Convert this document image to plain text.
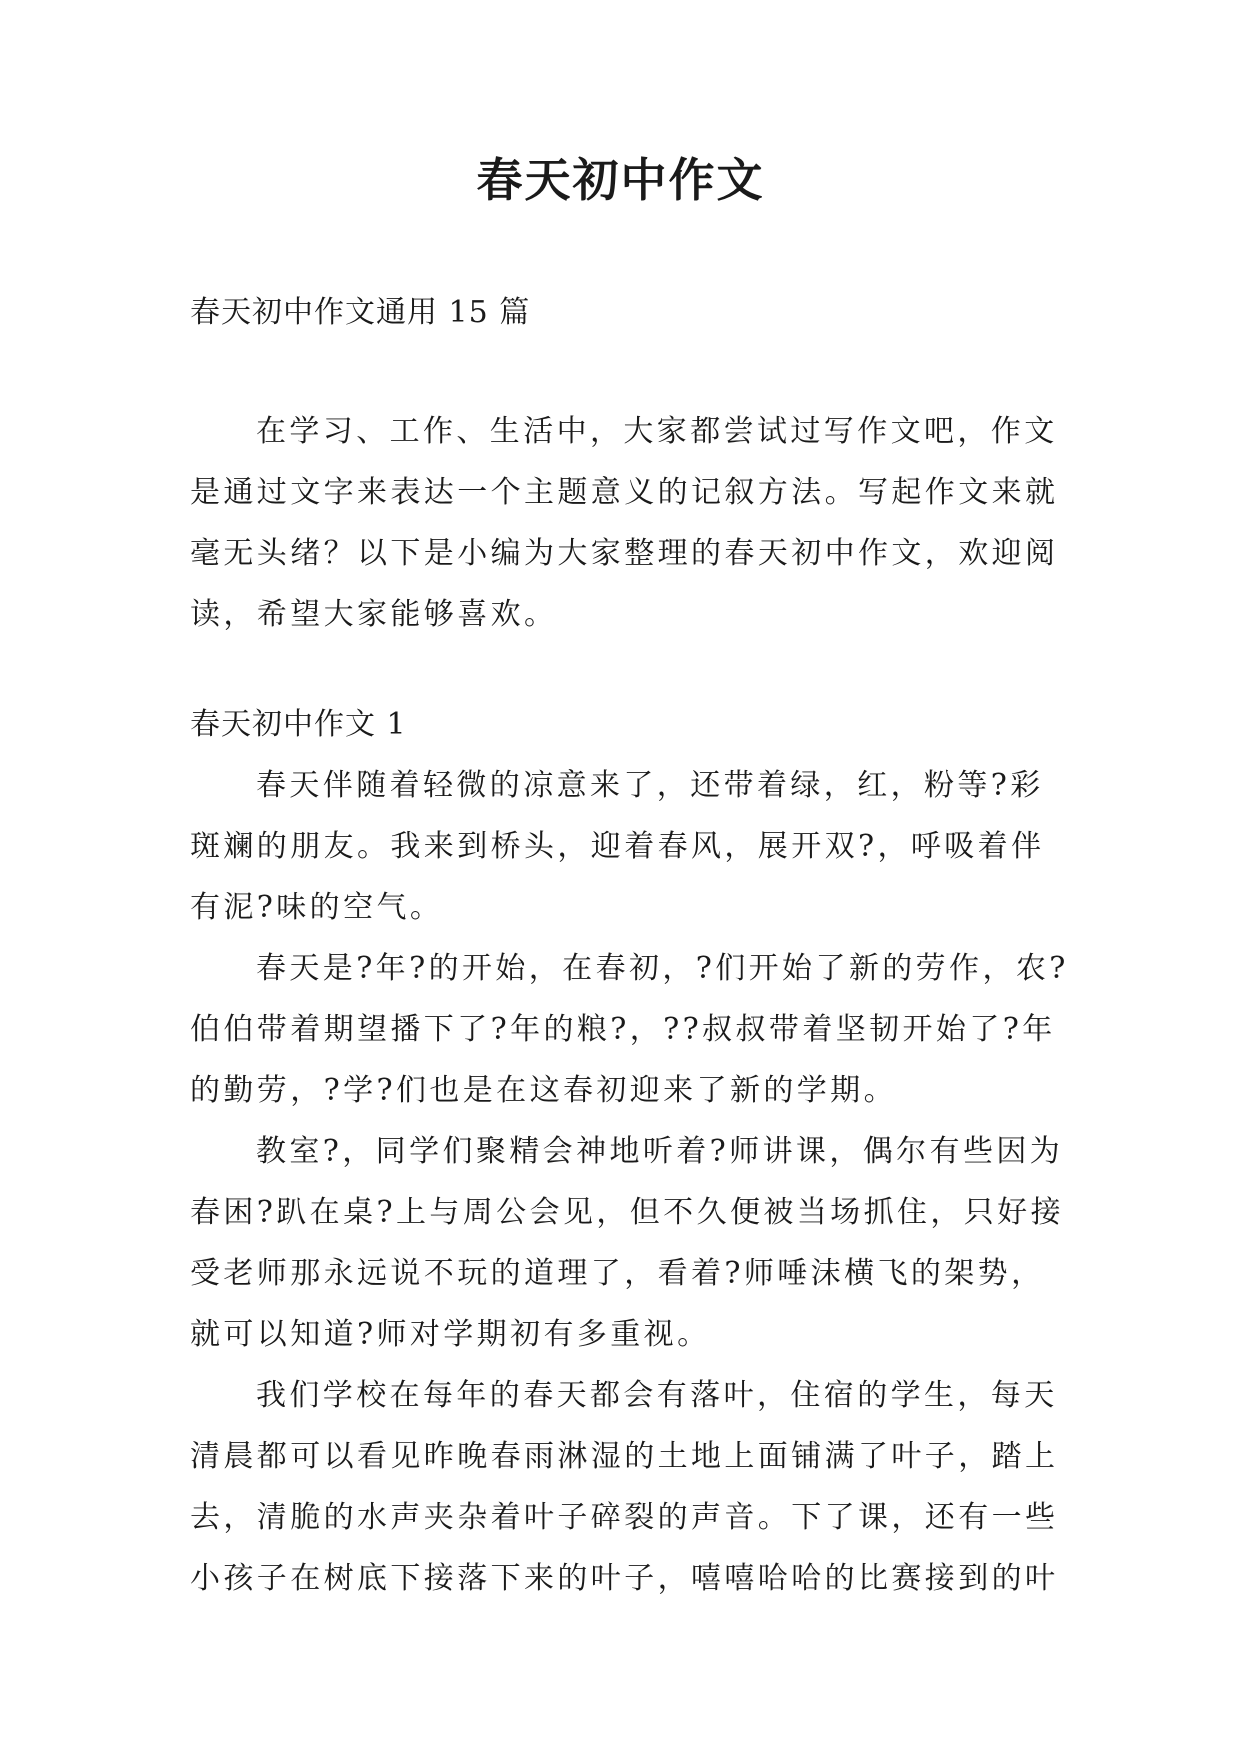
春天初中作文
春天初中作文通用 15 篇
在学习、工作、生活中，大家都尝试过写作文吧，作文
是通过文字来表达一个主题意义的记叙方法。写起作文来就
毫无头绪？以下是小编为大家整理的春天初中作文，欢迎阅
读，希望大家能够喜欢。
春天初中作文 1
春天伴随着轻微的凉意来了，还带着绿，红，粉等?彩
斑斓的朋友。我来到桥头，迎着春风，展开双?，呼吸着伴
有泥?味的空气。
春天是?年?的开始，在春初，?们开始了新的劳作，农?
伯伯带着期望播下了?年的粮?，??叔叔带着坚韧开始了?年
的勤劳，?学?们也是在这春初迎来了新的学期。
教室?，同学们聚精会神地听着?师讲课，偶尔有些因为
春困?趴在桌?上与周公会见，但不久便被当场抓住，只好接
受老师那永远说不玩的道理了，看着?师唾沫横飞的架势，
就可以知道?师对学期初有多重视。
我们学校在每年的春天都会有落叶，住宿的学生，每天
清晨都可以看见昨晚春雨淋湿的土地上面铺满了叶子，踏上
去，清脆的水声夹杂着叶子碎裂的声音。下了课，还有一些
小孩子在树底下接落下来的叶子，嘻嘻哈哈的比赛接到的叶
